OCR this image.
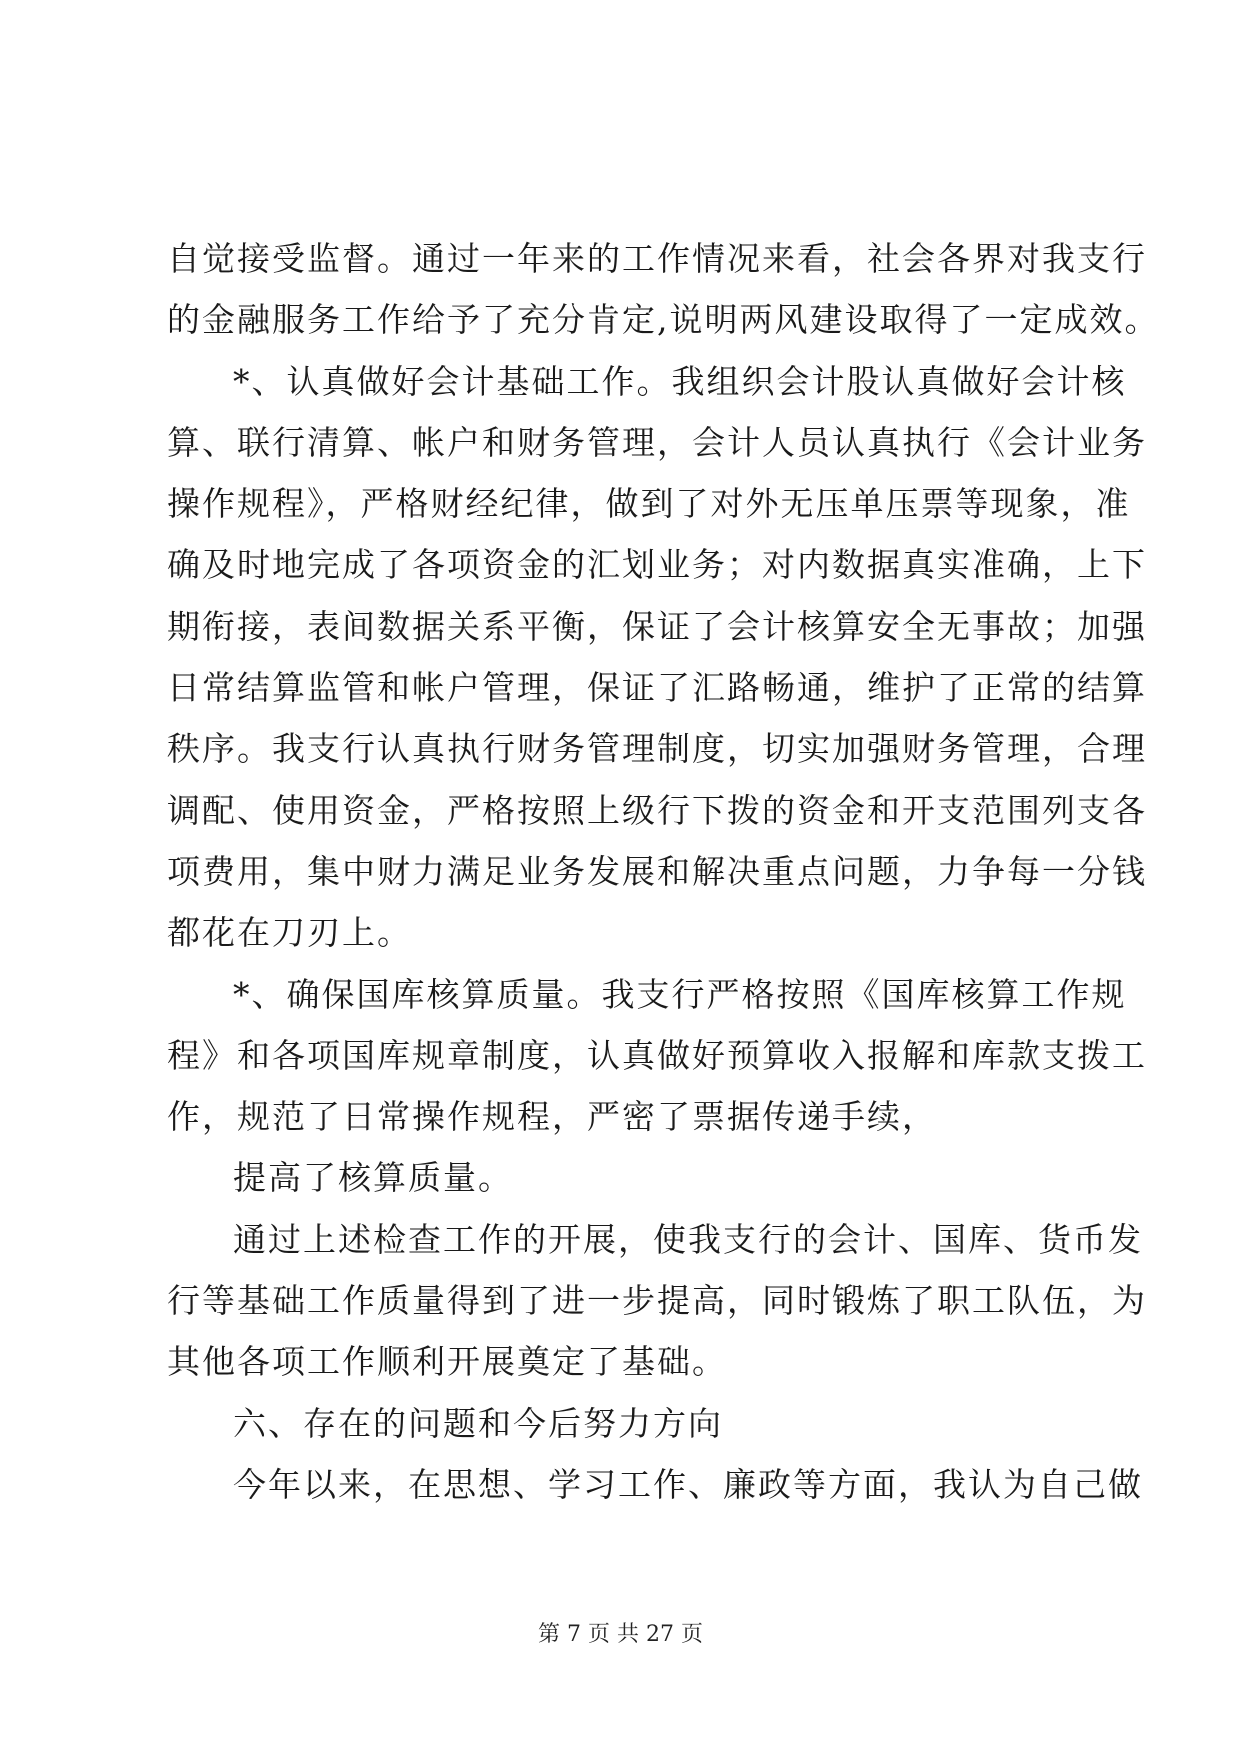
自觉接受监督。通过一年来的工作情况来看，社会各界对我支行
的金融服务工作给予了充分肯定,说明两风建设取得了一定成效。
*、认真做好会计基础工作。我组织会计股认真做好会计核
算、联行清算、帐户和财务管理，会计人员认真执行《会计业务
操作规程》，严格财经纪律，做到了对外无压单压票等现象，准
确及时地完成了各项资金的汇划业务；对内数据真实准确，上下
期衔接，表间数据关系平衡，保证了会计核算安全无事故；加强
日常结算监管和帐户管理，保证了汇路畅通，维护了正常的结算
秩序。我支行认真执行财务管理制度，切实加强财务管理，合理
调配、使用资金，严格按照上级行下拨的资金和开支范围列支各
项费用，集中财力满足业务发展和解决重点问题，力争每一分钱
都花在刀刃上。
*、确保国库核算质量。我支行严格按照《国库核算工作规
程》和各项国库规章制度，认真做好预算收入报解和库款支拨工
作，规范了日常操作规程，严密了票据传递手续，
提高了核算质量。
通过上述检查工作的开展，使我支行的会计、国库、货币发
行等基础工作质量得到了进一步提高，同时锻炼了职工队伍，为
其他各项工作顺利开展奠定了基础。
六、存在的问题和今后努力方向
今年以来，在思想、学习工作、廉政等方面，我认为自己做
第 7 页 共 27 页
